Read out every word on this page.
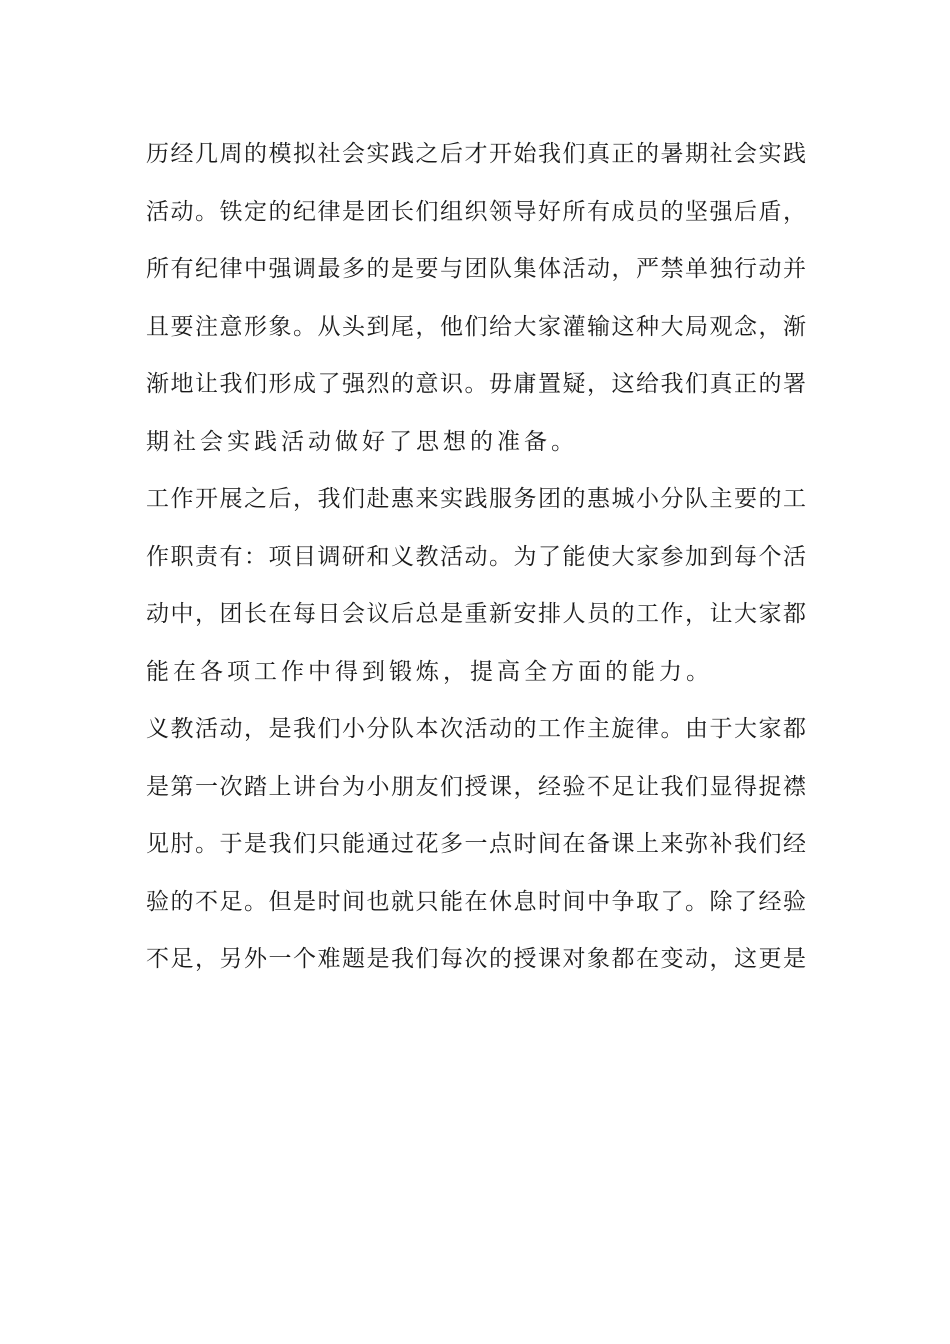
历经几周的模拟社会实践之后才开始我们真正的暑期社会实践
活动。铁定的纪律是团长们组织领导好所有成员的坚强后盾，
所有纪律中强调最多的是要与团队集体活动，严禁单独行动并
且要注意形象。从头到尾，他们给大家灌输这种大局观念，渐
渐地让我们形成了强烈的意识。毋庸置疑，这给我们真正的署
期社会实践活动做好了思想的准备。
工作开展之后，我们赴惠来实践服务团的惠城小分队主要的工
作职责有：项目调研和义教活动。为了能使大家参加到每个活
动中，团长在每日会议后总是重新安排人员的工作，让大家都
能在各项工作中得到锻炼，提高全方面的能力。
义教活动，是我们小分队本次活动的工作主旋律。由于大家都
是第一次踏上讲台为小朋友们授课，经验不足让我们显得捉襟
见肘。于是我们只能通过花多一点时间在备课上来弥补我们经
验的不足。但是时间也就只能在休息时间中争取了。除了经验
不足，另外一个难题是我们每次的授课对象都在变动，这更是
